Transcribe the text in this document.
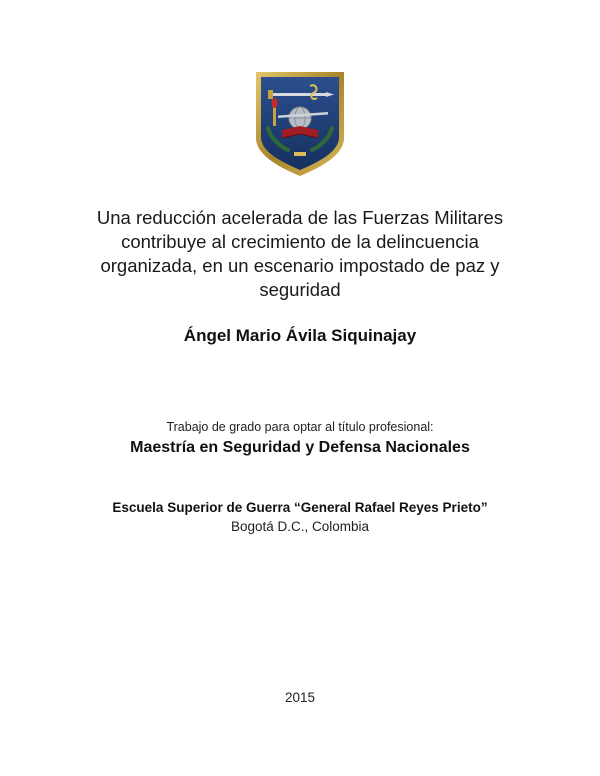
Una reducción acelerada de las Fuerzas Militares
contribuye al crecimiento de la delincuencia
organizada, en un escenario impostado de paz y
seguridad
Ángel Mario Ávila Siquinajay
Trabajo de grado para optar al título profesional:
Maestría en Seguridad y Defensa Nacionales
Escuela Superior de Guerra “General Rafael Reyes Prieto”
Bogotá D.C., Colombia
2015
